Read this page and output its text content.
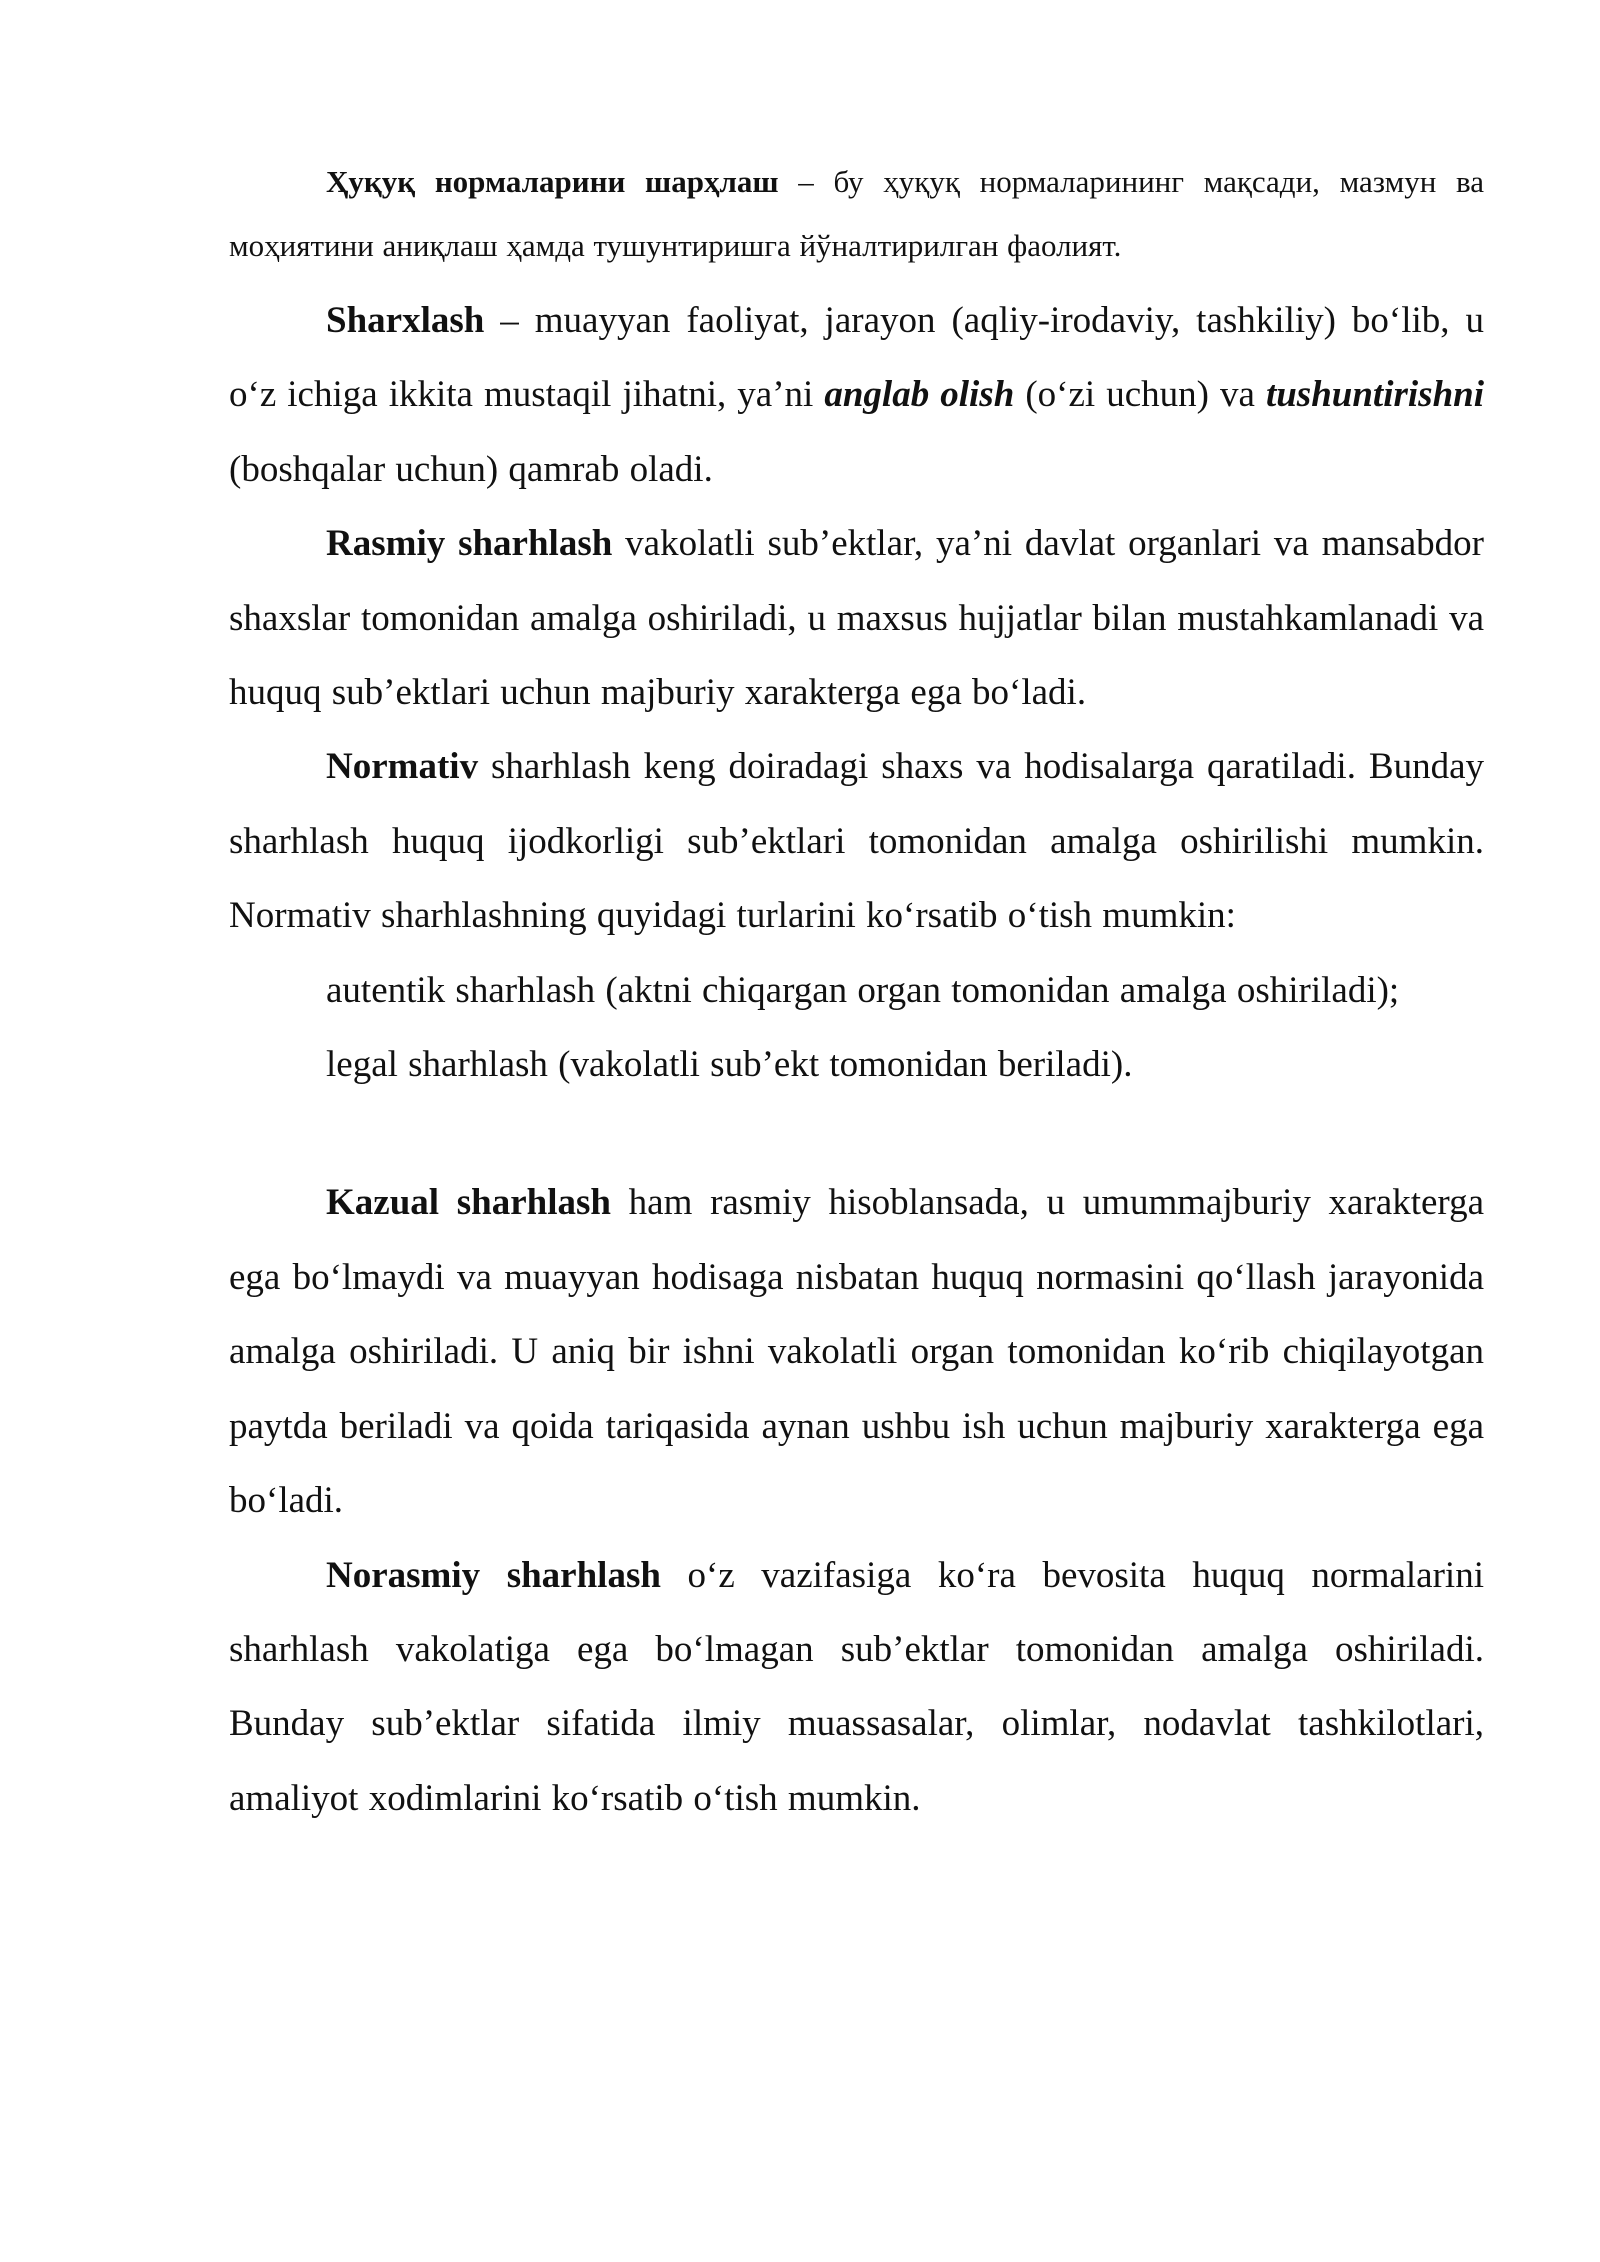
Ҳуқуқ нормаларини шарҳлаш – бу ҳуқуқ нормаларининг мақсади, мазмун ва моҳиятини аниқлаш ҳамда тушунтиришга йўналтирилган фаолият.

Sharxlash – muayyan faoliyat, jarayon (aqliy-irodaviy, tashkiliy) bo‘lib, u o‘z ichiga ikkita mustaqil jihatni, ya’ni anglab olish (o‘zi uchun) va tushuntirishni (boshqalar uchun) qamrab oladi.

Rasmiy sharhlash vakolatli sub’ektlar, ya’ni davlat organlari va mansabdor shaxslar tomonidan amalga oshiriladi, u maxsus hujjatlar bilan mustahkamlanadi va huquq sub’ektlari uchun majburiy xarakterga ega bo‘ladi.

Normativ sharhlash keng doiradagi shaxs va hodisalarga qaratiladi. Bunday sharhlash huquq ijodkorligi sub’ektlari tomonidan amalga oshirilishi mumkin. Normativ sharhlashning quyidagi turlarini ko‘rsatib o‘tish mumkin:

autentik sharhlash (aktni chiqargan organ tomonidan amalga oshiriladi);

legal sharhlash (vakolatli sub’ekt tomonidan beriladi).

Kazual sharhlash ham rasmiy hisoblansada, u umummajburiy xarakterga ega bo‘lmaydi va muayyan hodisaga nisbatan huquq normasini qo‘llash jarayonida amalga oshiriladi. U aniq bir ishni vakolatli organ tomonidan ko‘rib chiqilayotgan paytda beriladi va qoida tariqasida aynan ushbu ish uchun majburiy xarakterga ega bo‘ladi.

Norasmiy sharhlash o‘z vazifasiga ko‘ra bevosita huquq normalarini sharhlash vakolatiga ega bo‘lmagan sub’ektlar tomonidan amalga oshiriladi. Bunday sub’ektlar sifatida ilmiy muassasalar, olimlar, nodavlat tashkilotlari, amaliyot xodimlarini ko‘rsatib o‘tish mumkin.
